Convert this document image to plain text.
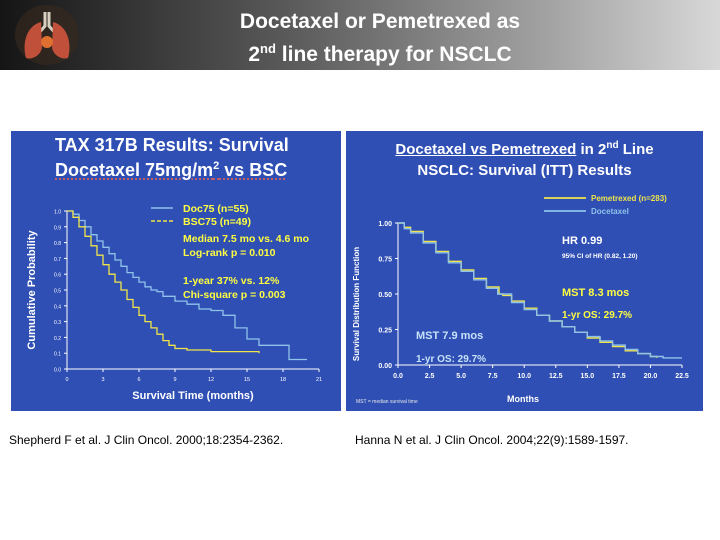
Docetaxel or Pemetrexed as
2nd line therapy for NSCLC
TAX 317B Results: Survival
Docetaxel $75mg/m^2$ vs BSC
0.0
0.1
0.2
0.3
0.4
0.5
0.6
0.7
0.8
0.9
1.0
0	3	6	9	12	15	18	21
Survival Time (months)
Cumulative Probability
Doc75 (n=55)
BSC75 (n=49)
Median 7.5 mo vs. 4.6 mo
Log-rank p = 0.010
1-year 37% vs. 12%
Chi-square p = 0.003
Docetaxel vs Pemetrexed in 2nd Line
NSCLC: Survival (ITT) Results
0.00
0.25
0.50
0.75
1.00
0.0	2.5	5.0	7.5	10.0	12.5	15.0	17.5	20.0	22.5
Months
Survival Distribution Function
Pemetrexed (n=283)
Docetaxel
HR 0.99
95% CI of HR (0.82, 1.20)
MST 8.3 mos
1-yr OS: 29.7%
MST 7.9 mos
1-yr OS: 29.7%
MST = median survival time
Shepherd F et al. J Clin Oncol. 2000;18:2354-2362.	Hanna N et al. J Clin Oncol. 2004;22(9):1589-1597.
